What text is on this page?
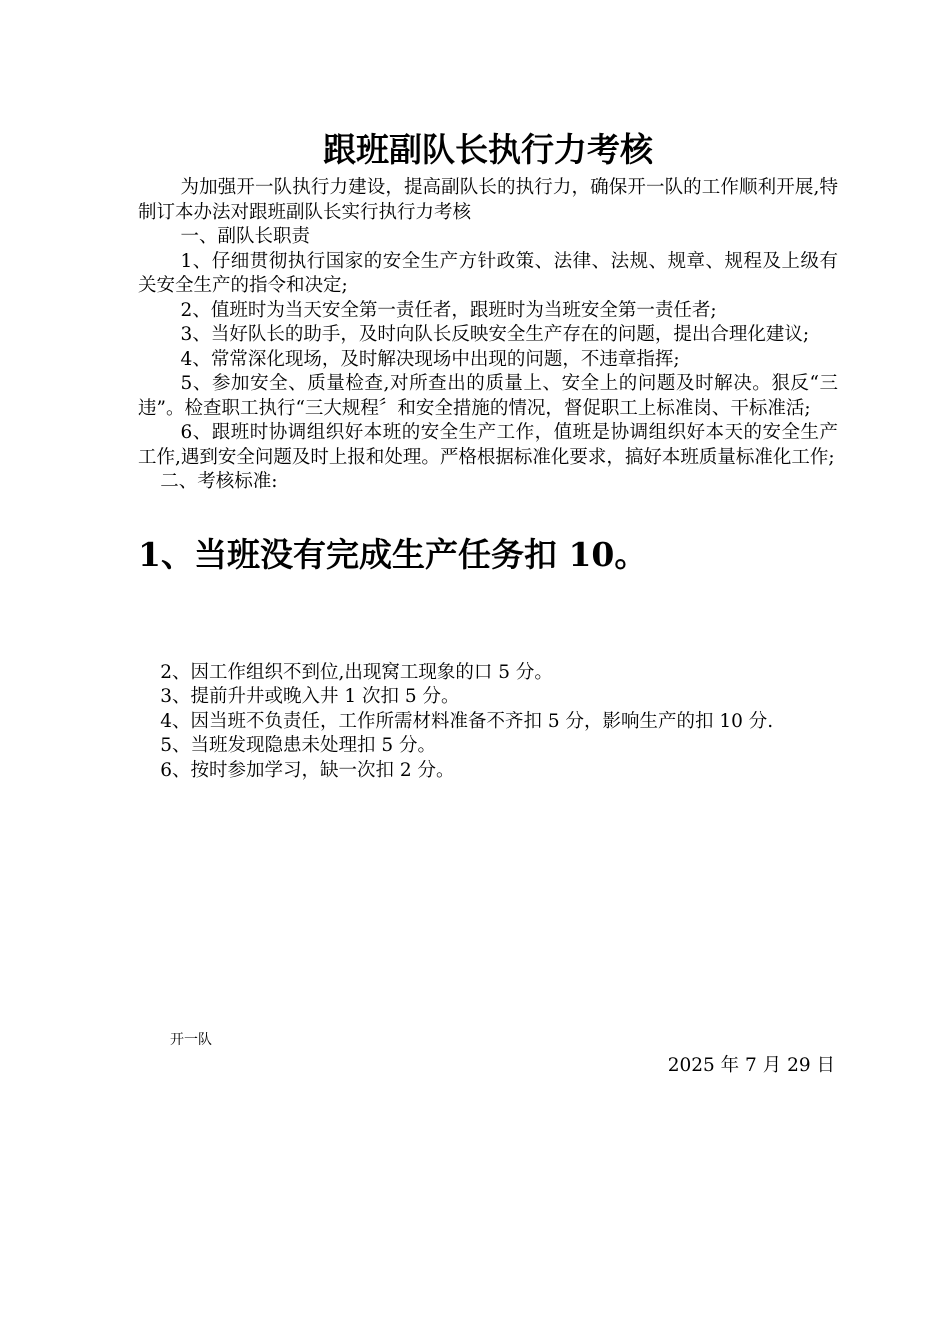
跟班副队长执行力考核

为加强开一队执行力建设，提高副队长的执行力，确保开一队的工作顺利开展,特制订本办法对跟班副队长实行执行力考核

一、副队长职责

1、仔细贯彻执行国家的安全生产方针政策、法律、法规、规章、规程及上级有关安全生产的指令和决定;

2、值班时为当天安全第一责任者，跟班时为当班安全第一责任者;

3、当好队长的助手，及时向队长反映安全生产存在的问题，提出合理化建议;

4、常常深化现场，及时解决现场中出现的问题，不违章指挥;

5、参加安全、质量检查,对所查出的质量上、安全上的问题及时解决。狠反“三违”。检查职工执行“三大规程〞和安全措施的情况，督促职工上标准岗、干标准活;

6、跟班时协调组织好本班的安全生产工作，值班是协调组织好本天的安全生产工作,遇到安全问题及时上报和处理。严格根据标准化要求，搞好本班质量标准化工作;

二、考核标准:

1、当班没有完成生产任务扣 10。

2、因工作组织不到位,出现窝工现象的口 5 分。

3、提前升井或晚入井 1 次扣 5 分。

4、因当班不负责任，工作所需材料准备不齐扣 5 分，影响生产的扣 10 分.

5、当班发现隐患未处理扣 5 分。

6、按时参加学习，缺一次扣 2 分。

开一队
2025 年 7 月 29 日
